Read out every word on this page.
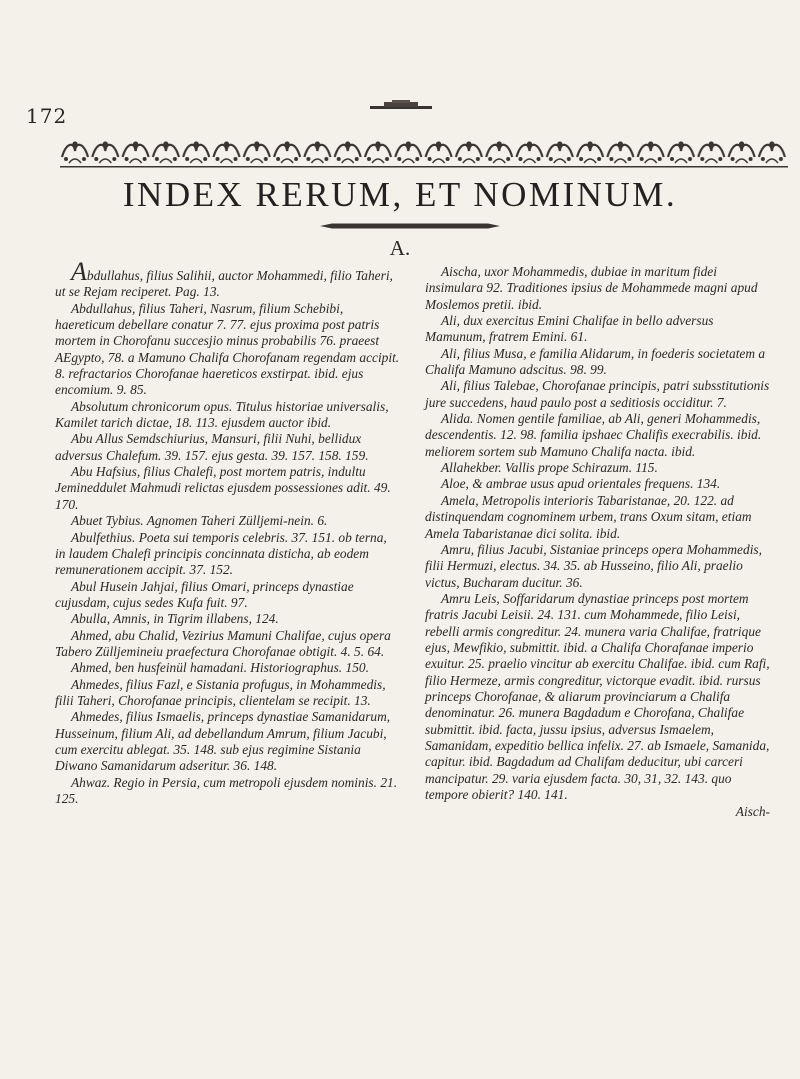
172
INDEX RERUM, ET NOMINUM.
A.

Abdullahus, filius Salihii, auctor Mohammedi, filio Taheri, ut se Rejam reciperet. Pag. 13.

Abdullahus, filius Taheri, Nasrum, filium Schebibi, haereticum debellare conatur 7. 77. ejus proxima post patris mortem in Chorofanu succesjio minus probabilis 76. praeest AEgypto, 78. a Mamuno Chalifa Chorofanam regendam accipit. 8. refractarios Chorofanae haereticos exstirpat. ibid. ejus encomium. 9. 85.

Absolutum chronicorum opus. Titulus historiae universalis, Kamilet tarich dictae, 18. 113. ejusdem auctor ibid.

Abu Allus Semdschiurius, Mansuri, filii Nuhi, bellidux adversus Chalefum. 39. 157. ejus gesta. 39. 157. 158. 159.

Abu Hafsius, filius Chalefi, post mortem patris, indultu Jemineddulet Mahmudi relictas ejusdem possessiones adit. 49. 170.

Abuet Tybius. Agnomen Taheri Zülljemi-nein. 6.

Abulfethius. Poeta sui temporis celebris. 37. 151. ob terna, in laudem Chalefi principis concinnata disticha, ab eodem remunerationem accipit. 37. 152.

Abul Husein Jahjai, filius Omari, princeps dynastiae cujusdam, cujus sedes Kufa fuit. 97.

Abulla, Amnis, in Tigrim illabens, 124.

Ahmed, abu Chalid, Vezirius Mamuni Chalifae, cujus opera Tabero Zülljemineiu praefectura Chorofanae obtigit. 4. 5. 64.

Ahmed, ben husfeinül hamadani. Historiographus. 150.

Ahmedes, filius Fazl, e Sistania profugus, in Mohammedis, filii Taheri, Chorofanae principis, clientelam se recipit. 13.

Ahmedes, filius Ismaelis, princeps dynastiae Samanidarum, Husseinum, filium Ali, ad debellandum Amrum, filium Jacubi, cum exercitu ablegat. 35. 148. sub ejus regimine Sistania Diwano Samanidarum adseritur. 36. 148.

Ahwaz. Regio in Persia, cum metropoli ejusdem nominis. 21. 125.

Aischa, uxor Mohammedis, dubiae in maritum fidei insimulara 92. Traditiones ipsius de Mohammede magni apud Moslemos pretii. ibid.

Ali, dux exercitus Emini Chalifae in bello adversus Mamunum, fratrem Emini. 61.

Ali, filius Musa, e familia Alidarum, in foederis societatem a Chalifa Mamuno adscitus. 98. 99.

Ali, filius Talebae, Chorofanae principis, patri subsstitutionis jure succedens, haud paulo post a seditiosis occiditur. 7.

Alida. Nomen gentile familiae, ab Ali, generi Mohammedis, descendentis. 12. 98. familia ipshaec Chalifis execrabilis. ibid. meliorem sortem sub Mamuno Chalifa nacta. ibid.

Allahekber. Vallis prope Schirazum. 115.

Aloe, & ambrae usus apud orientales frequens. 134.

Amela, Metropolis interioris Tabaristanae, 20. 122. ad distinquendam cognominem urbem, trans Oxum sitam, etiam Amela Tabaristanae dici solita. ibid.

Amru, filius Jacubi, Sistaniae princeps opera Mohammedis, filii Hermuzi, electus. 34. 35. ab Husseino, filio Ali, praelio victus, Bucharam ducitur. 36.

Amru Leis, Soffaridarum dynastiae princeps post mortem fratris Jacubi Leisii. 24. 131. cum Mohammede, filio Leisi, rebelli armis congreditur. 24. munera varia Chalifae, fratrique ejus, Mewfikio, submittit. ibid. a Chalifa Chorafanae imperio exuitur. 25. praelio vincitur ab exercitu Chalifae. ibid. cum Rafi, filio Hermeze, armis congreditur, victorque evadit. ibid. rursus princeps Chorofanae, & aliarum provinciarum a Chalifa denominatur. 26. munera Bagdadum e Chorofana, Chalifae submittit. ibid. facta, jussu ipsius, adversus Ismaelem, Samanidam, expeditio bellica infelix. 27. ab Ismaele, Samanida, capitur. ibid. Bagdadum ad Chalifam deducitur, ubi carceri mancipatur. 29. varia ejusdem facta. 30, 31, 32. 143. quo tempore obierit? 140. 141.

Aisch-
